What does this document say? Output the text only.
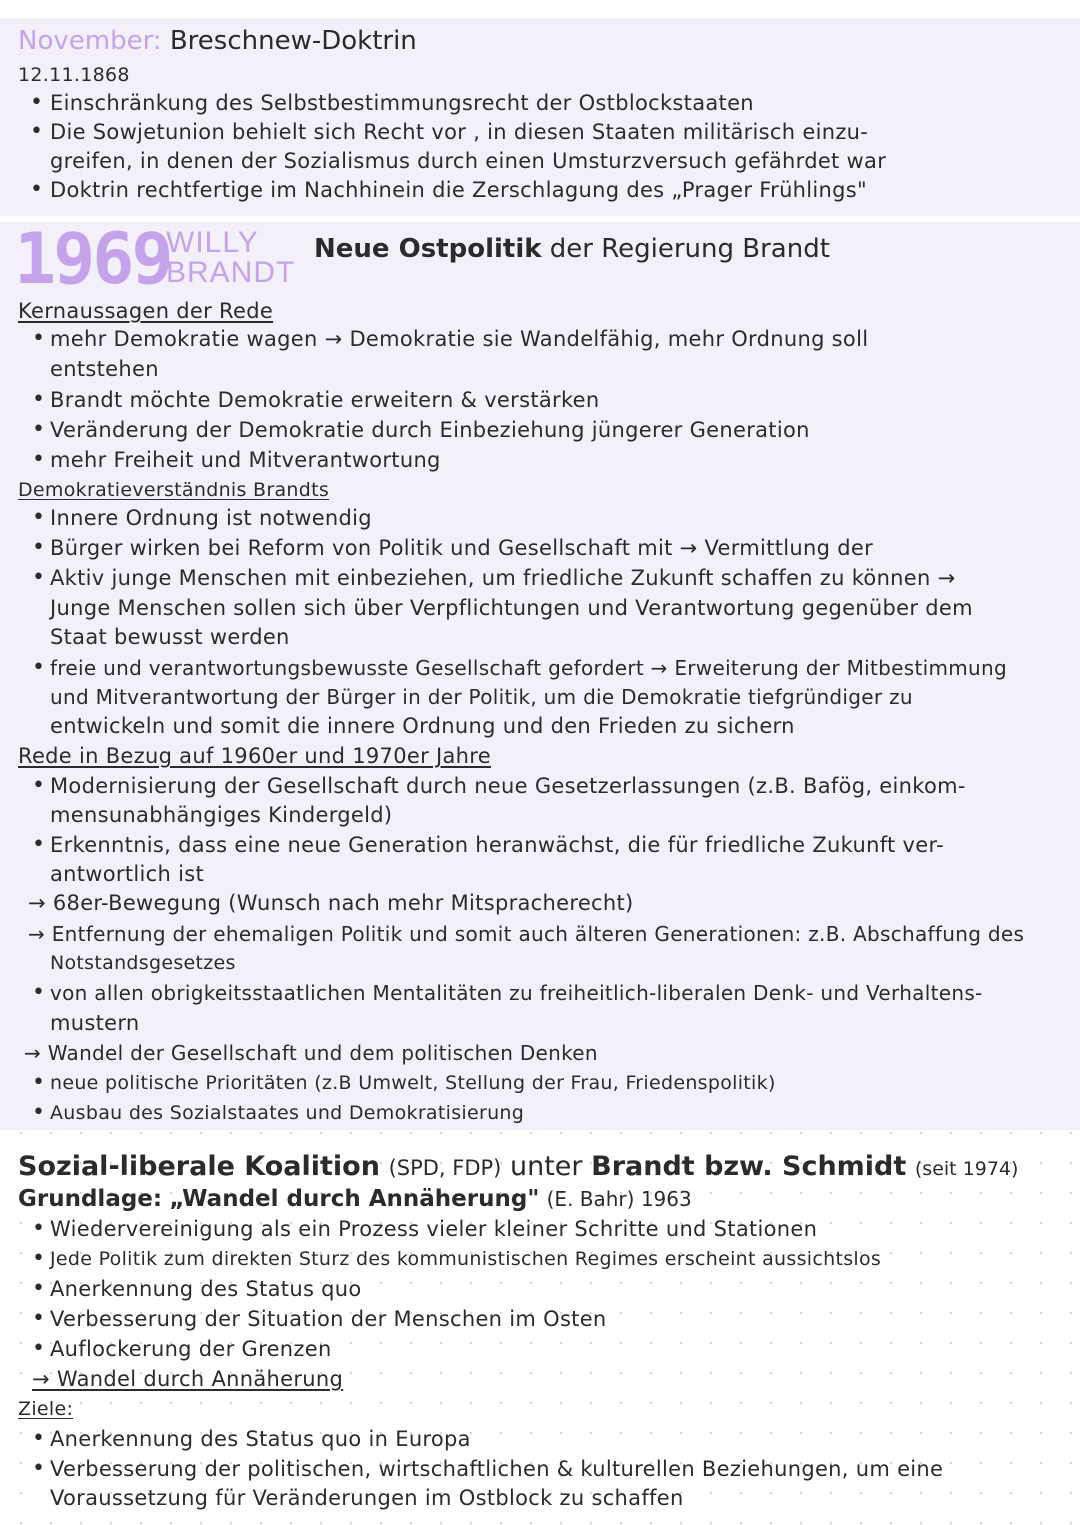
November: Breschnew-Doktrin
12.11.1868
• Einschränkung des Selbstbestimmungsrecht der Ostblockstaaten
• Die Sowjetunion behielt sich Recht vor , in diesen Staaten militärisch einzu-
greifen, in denen der Sozialismus durch einen Umsturzversuch gefährdet war
• Doktrin rechtfertige im Nachhinein die Zerschlagung des „Prager Frühlings"
1969
WILLY
BRANDT
Neue Ostpolitik der Regierung Brandt
Kernaussagen der Rede
• mehr Demokratie wagen → Demokratie sie Wandelfähig, mehr Ordnung soll
entstehen
• Brandt möchte Demokratie erweitern & verstärken
• Veränderung der Demokratie durch Einbeziehung jüngerer Generation
• mehr Freiheit und Mitverantwortung
Demokratieverständnis Brandts
• Innere Ordnung ist notwendig
• Bürger wirken bei Reform von Politik und Gesellschaft mit → Vermittlung der
• Aktiv junge Menschen mit einbeziehen, um friedliche Zukunft schaffen zu können →
Junge Menschen sollen sich über Verpflichtungen und Verantwortung gegenüber dem
Staat bewusst werden
• freie und verantwortungsbewusste Gesellschaft gefordert → Erweiterung der Mitbestimmung
und Mitverantwortung der Bürger in der Politik, um die Demokratie tiefgründiger zu
entwickeln und somit die innere Ordnung und den Frieden zu sichern
Rede in Bezug auf 1960er und 1970er Jahre
• Modernisierung der Gesellschaft durch neue Gesetzerlassungen (z.B. Bafög, einkom-
mensunabhängiges Kindergeld)
• Erkenntnis, dass eine neue Generation heranwächst, die für friedliche Zukunft ver-
antwortlich ist
→ 68er-Bewegung (Wunsch nach mehr Mitspracherecht)
→ Entfernung der ehemaligen Politik und somit auch älteren Generationen: z.B. Abschaffung des
Notstandsgesetzes
• von allen obrigkeitsstaatlichen Mentalitäten zu freiheitlich-liberalen Denk- und Verhaltens-
mustern
→ Wandel der Gesellschaft und dem politischen Denken
• neue politische Prioritäten (z.B Umwelt, Stellung der Frau, Friedenspolitik)
• Ausbau des Sozialstaates und Demokratisierung
Sozial-liberale Koalition (SPD, FDP) unter Brandt bzw. Schmidt (seit 1974)
Grundlage: „Wandel durch Annäherung" (E. Bahr) 1963
• Wiedervereinigung als ein Prozess vieler kleiner Schritte und Stationen
• Jede Politik zum direkten Sturz des kommunistischen Regimes erscheint aussichtslos
• Anerkennung des Status quo
• Verbesserung der Situation der Menschen im Osten
• Auflockerung der Grenzen
→ Wandel durch Annäherung
Ziele:
• Anerkennung des Status quo in Europa
• Verbesserung der politischen, wirtschaftlichen & kulturellen Beziehungen, um eine
Voraussetzung für Veränderungen im Ostblock zu schaffen
